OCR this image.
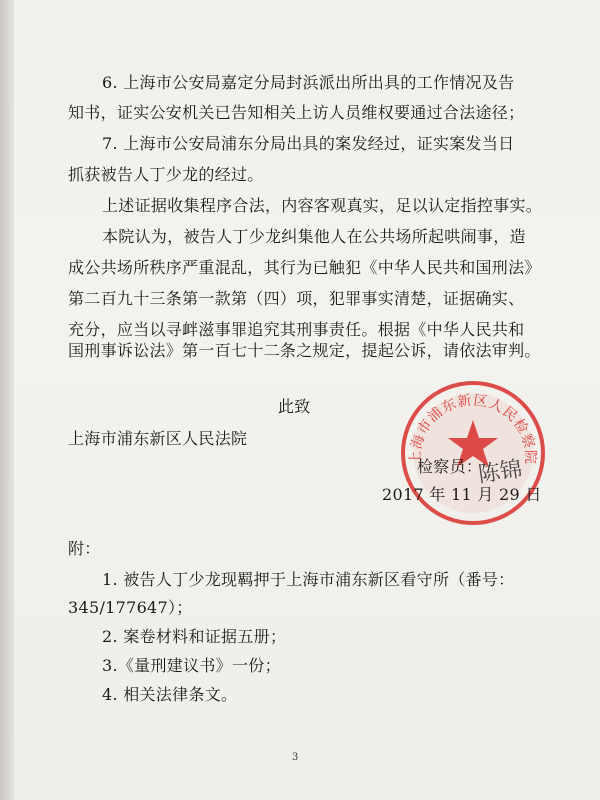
6. 上海市公安局嘉定分局封浜派出所出具的工作情况及告
知书，证实公安机关已告知相关上访人员维权要通过合法途径；
7. 上海市公安局浦东分局出具的案发经过，证实案发当日
抓获被告人丁少龙的经过。
上述证据收集程序合法，内容客观真实，足以认定指控事实。
本院认为，被告人丁少龙纠集他人在公共场所起哄闹事，造
成公共场所秩序严重混乱，其行为已触犯《中华人民共和国刑法》
第二百九十三条第一款第（四）项，犯罪事实清楚，证据确实、
充分，应当以寻衅滋事罪追究其刑事责任。根据《中华人民共和
国刑事诉讼法》第一百七十二条之规定，提起公诉，请依法审判。
此致
上海市浦东新区人民法院
上海市浦东新区人民检察院
检察员：
陈锦
2017 年 11 月 29 日
附：
1. 被告人丁少龙现羁押于上海市浦东新区看守所（番号：
345/177647）；
2. 案卷材料和证据五册；
3.《量刑建议书》一份；
4. 相关法律条文。
3
